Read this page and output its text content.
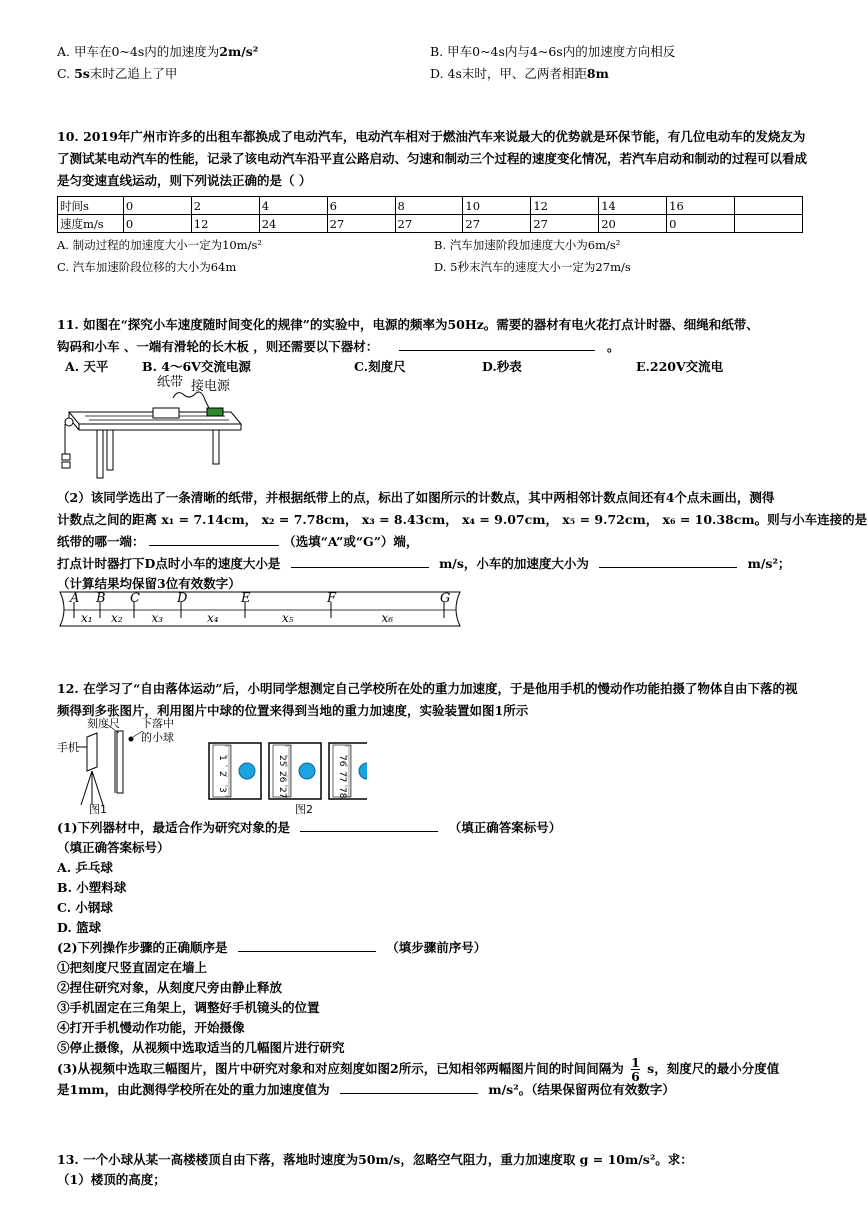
A. 甲车在0~4s内的加速度为2m/s²	B. 甲车0~4s内与4~6s内的加速度方向相反
C. 5s末时乙追上了甲	D. 4s末时，甲、乙两者相距8m
10. 2019年广州市许多的出租车都换成了电动汽车，电动汽车相对于燃油汽车来说最大的优势就是环保节能，有几位电动车的发烧友为了测试某电动汽车的性能，记录了该电动汽车沿平直公路启动、匀速和制动三个过程的速度变化情况，若汽车启动和制动的过程可以看成是匀变速直线运动，则下列说法正确的是（ ）
时间s	0	2	4	6	8	10	12	14	16	
速度m/s	0	12	24	27	27	27	27	20	0	
A. 制动过程的加速度大小一定为10m/s²	B. 汽车加速阶段加速度大小为6m/s²
C. 汽车加速阶段位移的大小为64m	D. 5秒末汽车的速度大小一定为27m/s
11. 如图在“探究小车速度随时间变化的规律”的实验中，电源的频率为50Hz。需要的器材有电火花打点计时器、细绳和纸带、
钩码和小车 、一端有滑轮的长木板 ，则还需要以下器材：	。
A. 天平	B. 4～6V交流电源	C.刻度尺	D.秒表	E.220V交流电
纸带 接电源
（2）该同学选出了一条清晰的纸带，并根据纸带上的点，标出了如图所示的计数点，其中两相邻计数点间还有4个点未画出，测得
计数点之间的距离 x₁ = 7.14cm， x₂ = 7.78cm， x₃ = 8.43cm， x₄ = 9.07cm， x₅ = 9.72cm， x₆ = 10.38cm。则与小车连接的是
纸带的哪一端：	（选填“A”或“G”）端，
打点计时器打下D点时小车的速度大小是	m/s，小车的加速度大小为	m/s²；
（计算结果均保留3位有效数字）
A B C	D	E	F	G
x₁ x₂ x₃	x₄	x₅	x₆
12. 在学习了“自由落体运动”后，小明同学想测定自己学校所在处的重力加速度，于是他用手机的慢动作功能拍摄了物体自由下落的视频得到多张图片，利用图片中球的位置来得到当地的重力加速度，实验装置如图1所示
刻度尺 下落中
的小球
手机
图1
1
2
3
25
26
27
76
77
78
图2
(1)下列器材中，最适合作为研究对象的是	（填正确答案标号）
（填正确答案标号）
A. 乒乓球
B. 小塑料球
C. 小钢球
D. 篮球
(2)下列操作步骤的正确顺序是	（填步骤前序号）
①把刻度尺竖直固定在墙上
②捏住研究对象，从刻度尺旁由静止释放
③手机固定在三角架上，调整好手机镜头的位置
④打开手机慢动作功能，开始摄像
⑤停止摄像，从视频中选取适当的几幅图片进行研究
(3)从视频中选取三幅图片，图片中研究对象和对应刻度如图2所示，已知相邻两幅图片间的时间间隔为 $\frac{1}{6}$ s，刻度尺的最小分度值
是1mm，由此测得学校所在处的重力加速度值为	m/s²。（结果保留两位有效数字）
13. 一个小球从某一高楼楼顶自由下落，落地时速度为50m/s，忽略空气阻力，重力加速度取 g = 10m/s²。求：
（1）楼顶的高度；
